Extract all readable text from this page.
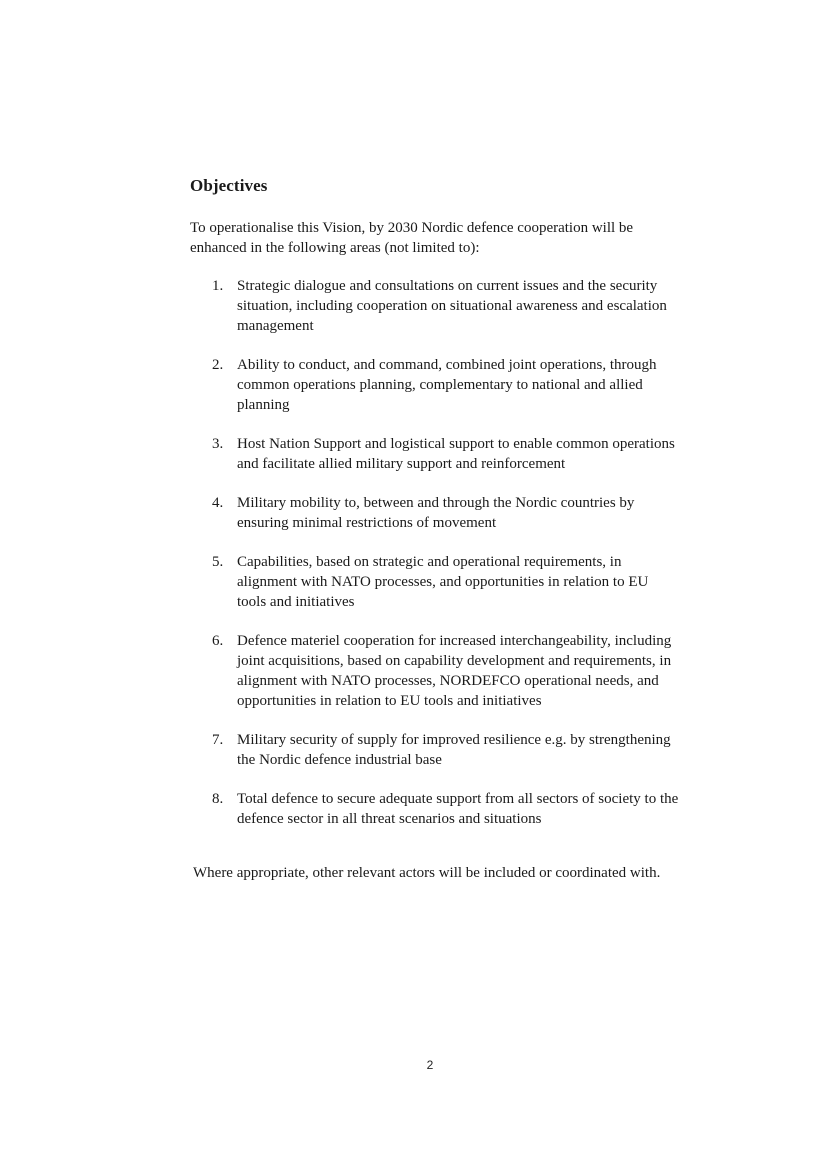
Objectives

To operationalise this Vision, by 2030 Nordic defence cooperation will be enhanced in the following areas (not limited to):

1. Strategic dialogue and consultations on current issues and the security situation, including cooperation on situational awareness and escalation management
2. Ability to conduct, and command, combined joint operations, through common operations planning, complementary to national and allied planning
3. Host Nation Support and logistical support to enable common operations and facilitate allied military support and reinforcement
4. Military mobility to, between and through the Nordic countries by ensuring minimal restrictions of movement
5. Capabilities, based on strategic and operational requirements, in alignment with NATO processes, and opportunities in relation to EU tools and initiatives
6. Defence materiel cooperation for increased interchangeability, including joint acquisitions, based on capability development and requirements, in alignment with NATO processes, NORDEFCO operational needs, and opportunities in relation to EU tools and initiatives
7. Military security of supply for improved resilience e.g. by strengthening the Nordic defence industrial base
8. Total defence to secure adequate support from all sectors of society to the defence sector in all threat scenarios and situations

Where appropriate, other relevant actors will be included or coordinated with.

2
